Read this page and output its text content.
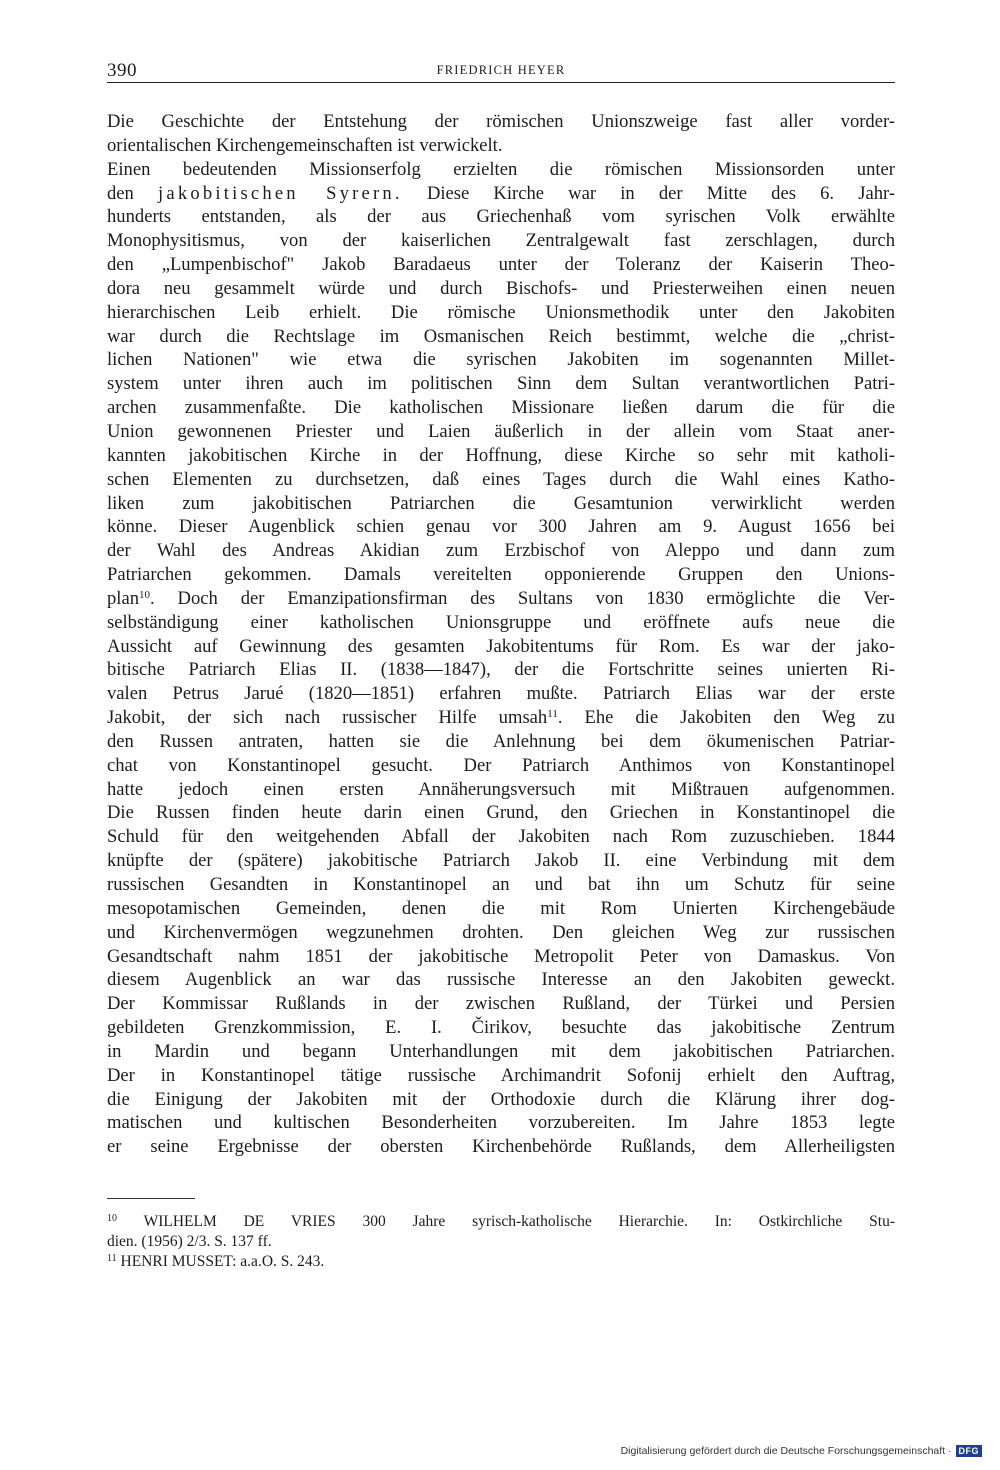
390	FRIEDRICH HEYER
Die Geschichte der Entstehung der römischen Unionszweige fast aller vorder-
orientalischen Kirchengemeinschaften ist verwickelt.
Einen bedeutenden Missionserfolg erzielten die römischen Missionsorden unter
den jakobitischen Syrern. Diese Kirche war in der Mitte des 6. Jahr-
hunderts entstanden, als der aus Griechenhaß vom syrischen Volk erwählte
Monophysitismus, von der kaiserlichen Zentralgewalt fast zerschlagen, durch
den „Lumpenbischof" Jakob Baradaeus unter der Toleranz der Kaiserin Theo-
dora neu gesammelt würde und durch Bischofs- und Priesterweihen einen neuen
hierarchischen Leib erhielt. Die römische Unionsmethodik unter den Jakobiten
war durch die Rechtslage im Osmanischen Reich bestimmt, welche die „christ-
lichen Nationen" wie etwa die syrischen Jakobiten im sogenannten Millet-
system unter ihren auch im politischen Sinn dem Sultan verantwortlichen Patri-
archen zusammenfaßte. Die katholischen Missionare ließen darum die für die
Union gewonnenen Priester und Laien äußerlich in der allein vom Staat aner-
kannten jakobitischen Kirche in der Hoffnung, diese Kirche so sehr mit katholi-
schen Elementen zu durchsetzen, daß eines Tages durch die Wahl eines Katho-
liken zum jakobitischen Patriarchen die Gesamtunion verwirklicht werden
könne. Dieser Augenblick schien genau vor 300 Jahren am 9. August 1656 bei
der Wahl des Andreas Akidian zum Erzbischof von Aleppo und dann zum
Patriarchen gekommen. Damals vereitelten opponierende Gruppen den Unions-
plan$^{10}$. Doch der Emanzipationsfirman des Sultans von 1830 ermöglichte die Ver-
selbständigung einer katholischen Unionsgruppe und eröffnete aufs neue die
Aussicht auf Gewinnung des gesamten Jakobitentums für Rom. Es war der jako-
bitische Patriarch Elias II. (1838—1847), der die Fortschritte seines unierten Ri-
valen Petrus Jarué (1820—1851) erfahren mußte. Patriarch Elias war der erste
Jakobit, der sich nach russischer Hilfe umsah$^{11}$. Ehe die Jakobiten den Weg zu
den Russen antraten, hatten sie die Anlehnung bei dem ökumenischen Patriar-
chat von Konstantinopel gesucht. Der Patriarch Anthimos von Konstantinopel
hatte jedoch einen ersten Annäherungsversuch mit Mißtrauen aufgenommen.
Die Russen finden heute darin einen Grund, den Griechen in Konstantinopel die
Schuld für den weitgehenden Abfall der Jakobiten nach Rom zuzuschieben. 1844
knüpfte der (spätere) jakobitische Patriarch Jakob II. eine Verbindung mit dem
russischen Gesandten in Konstantinopel an und bat ihn um Schutz für seine
mesopotamischen Gemeinden, denen die mit Rom Unierten Kirchengebäude
und Kirchenvermögen wegzunehmen drohten. Den gleichen Weg zur russischen
Gesandtschaft nahm 1851 der jakobitische Metropolit Peter von Damaskus. Von
diesem Augenblick an war das russische Interesse an den Jakobiten geweckt.
Der Kommissar Rußlands in der zwischen Rußland, der Türkei und Persien
gebildeten Grenzkommission, E. I. Čirikov, besuchte das jakobitische Zentrum
in Mardin und begann Unterhandlungen mit dem jakobitischen Patriarchen.
Der in Konstantinopel tätige russische Archimandrit Sofonij erhielt den Auftrag,
die Einigung der Jakobiten mit der Orthodoxie durch die Klärung ihrer dog-
matischen und kultischen Besonderheiten vorzubereiten. Im Jahre 1853 legte
er seine Ergebnisse der obersten Kirchenbehörde Rußlands, dem Allerheiligsten
$^{10}$ WILHELM DE VRIES 300 Jahre syrisch-katholische Hierarchie. In: Ostkirchliche Stu-
dien. (1956) 2/3. S. 137 ff.
$^{11}$ HENRI MUSSET: a.a.O. S. 243.
Digitalisierung gefördert durch die Deutsche Forschungsgemeinschaft · DFG
